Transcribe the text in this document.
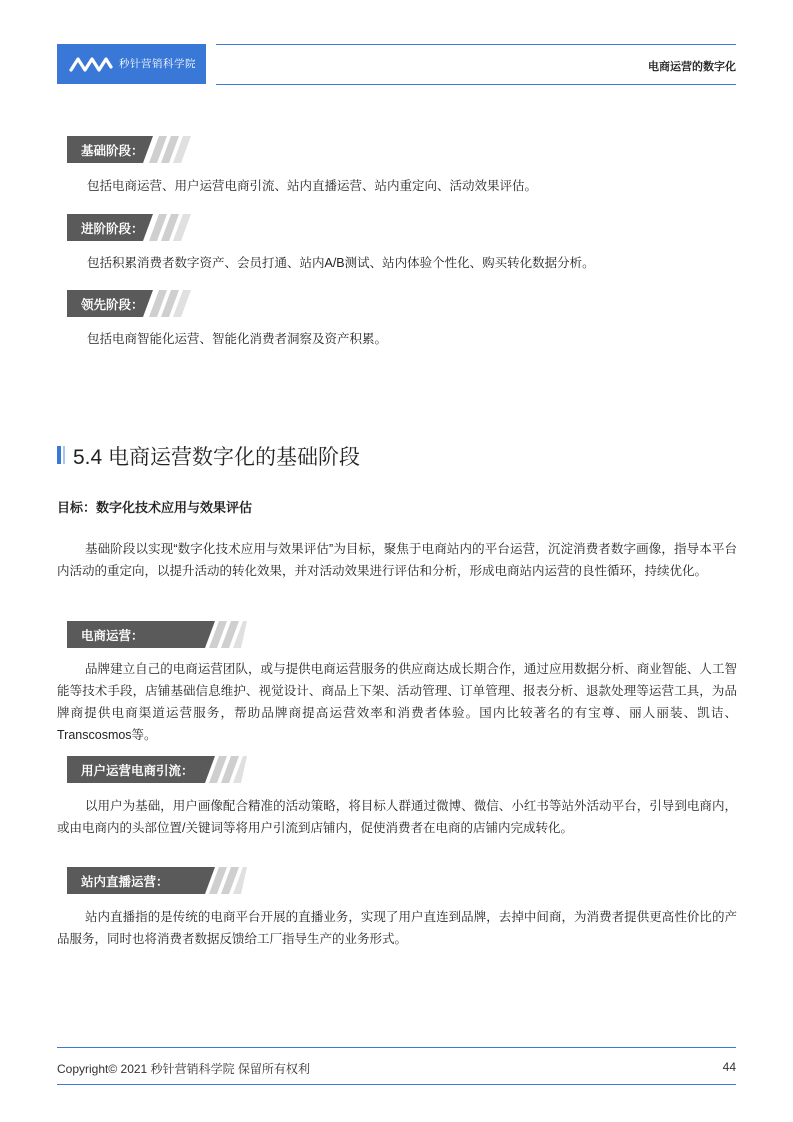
秒针营销科学院	电商运营的数字化
基础阶段：
包括电商运营、用户运营电商引流、站内直播运营、站内重定向、活动效果评估。
进阶阶段：
包括积累消费者数字资产、会员打通、站内A/B测试、站内体验个性化、购买转化数据分析。
领先阶段：
包括电商智能化运营、智能化消费者洞察及资产积累。
5.4 电商运营数字化的基础阶段
目标：数字化技术应用与效果评估
基础阶段以实现“数字化技术应用与效果评估”为目标，聚焦于电商站内的平台运营，沉淀消费者数字画像，指导本平台内活动的重定向，以提升活动的转化效果，并对活动效果进行评估和分析，形成电商站内运营的良性循环，持续优化。
电商运营：
品牌建立自己的电商运营团队，或与提供电商运营服务的供应商达成长期合作，通过应用数据分析、商业智能、人工智能等技术手段，店铺基础信息维护、视觉设计、商品上下架、活动管理、订单管理、报表分析、退款处理等运营工具，为品牌商提供电商渠道运营服务，帮助品牌商提高运营效率和消费者体验。国内比较著名的有宝尊、丽人丽装、凯诘、Transcosmos等。
用户运营电商引流：
以用户为基础，用户画像配合精准的活动策略，将目标人群通过微博、微信、小红书等站外活动平台，引导到电商内，或由电商内的头部位置/关键词等将用户引流到店铺内，促使消费者在电商的店铺内完成转化。
站内直播运营：
站内直播指的是传统的电商平台开展的直播业务，实现了用户直连到品牌，去掉中间商，为消费者提供更高性价比的产品服务，同时也将消费者数据反馈给工厂指导生产的业务形式。
Copyright© 2021 秒针营销科学院 保留所有权利	44
